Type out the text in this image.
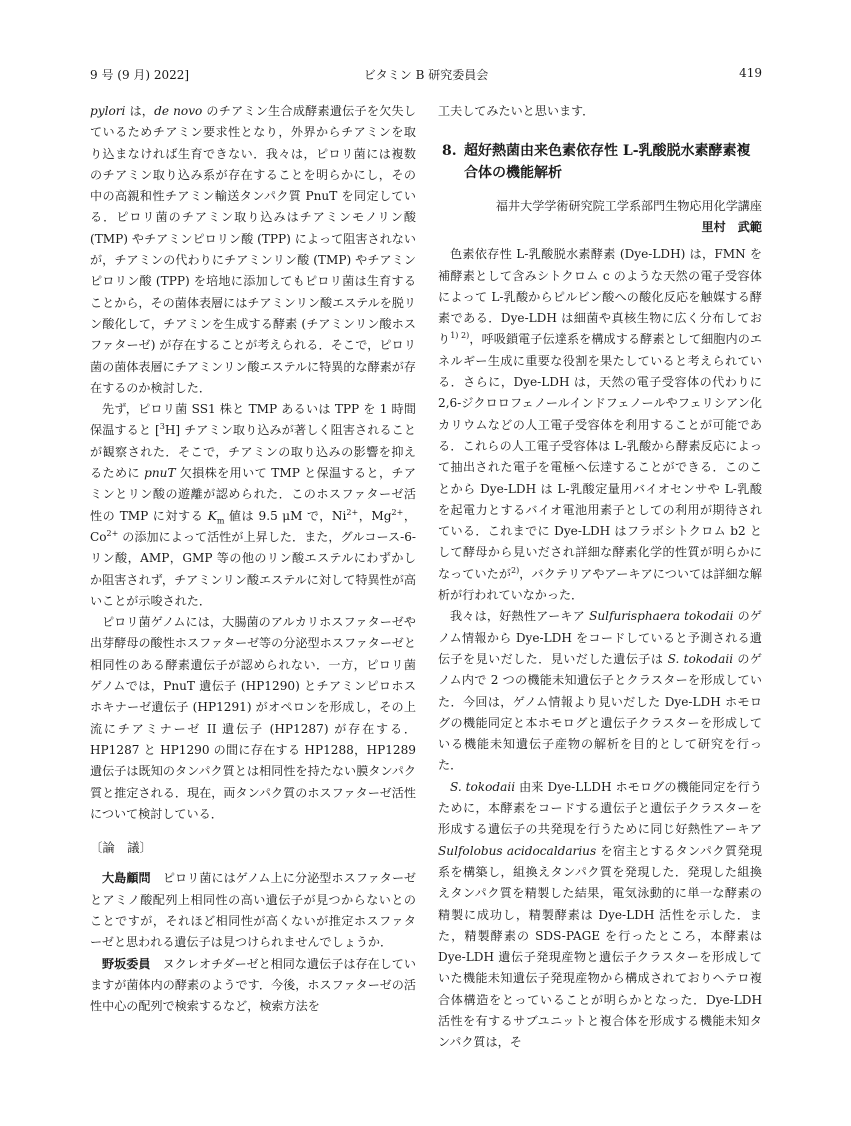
9 号 (9 月) 2022]	ビタミン B 研究委員会	419

pylori は，de novo のチアミン生合成酵素遺伝子を欠失しているためチアミン要求性となり，外界からチアミンを取り込まなければ生育できない．我々は，ピロリ菌には複数のチアミン取り込み系が存在することを明らかにし，その中の高親和性チアミン輸送タンパク質 PnuT を同定している．ピロリ菌のチアミン取り込みはチアミンモノリン酸 (TMP) やチアミンピロリン酸 (TPP) によって阻害されないが，チアミンの代わりにチアミンリン酸 (TMP) やチアミンピロリン酸 (TPP) を培地に添加してもピロリ菌は生育することから，その菌体表層にはチアミンリン酸エステルを脱リン酸化して，チアミンを生成する酵素 (チアミンリン酸ホスファターゼ) が存在することが考えられる．そこで，ピロリ菌の菌体表層にチアミンリン酸エステルに特異的な酵素が存在するのか検討した．

先ず，ピロリ菌 SS1 株と TMP あるいは TPP を 1 時間保温すると [$^3$H] チアミン取り込みが著しく阻害されることが観察された．そこで，チアミンの取り込みの影響を抑えるために pnuT 欠損株を用いて TMP と保温すると，チアミンとリン酸の遊離が認められた．このホスファターゼ活性の TMP に対する $K_m$ 値は 9.5 μM で，$Ni^{2+}$，$Mg^{2+}$，$Co^{2+}$ の添加によって活性が上昇した．また，グルコース-6-リン酸，AMP，GMP 等の他のリン酸エステルにわずかしか阻害されず，チアミンリン酸エステルに対して特異性が高いことが示唆された．

ピロリ菌ゲノムには，大腸菌のアルカリホスファターゼや出芽酵母の酸性ホスファターゼ等の分泌型ホスファターゼと相同性のある酵素遺伝子が認められない．一方，ピロリ菌ゲノムでは，PnuT 遺伝子 (HP1290) とチアミンピロホスホキナーゼ遺伝子 (HP1291) がオペロンを形成し，その上流にチアミナーゼ II 遺伝子 (HP1287) が存在する．HP1287 と HP1290 の間に存在する HP1288，HP1289 遺伝子は既知のタンパク質とは相同性を持たない膜タンパク質と推定される．現在，両タンパク質のホスファターゼ活性について検討している．

〔論　議〕

大島顧問　 ピロリ菌にはゲノム上に分泌型ホスファターゼとアミノ酸配列上相同性の高い遺伝子が見つからないとのことですが，それほど相同性が高くないが推定ホスファターゼと思われる遺伝子は見つけられませんでしょうか．

野坂委員　 ヌクレオチダーゼと相同な遺伝子は存在していますが菌体内の酵素のようです．今後，ホスファターゼの活性中心の配列で検索するなど，検索方法を

工夫してみたいと思います．

8. 超好熱菌由来色素依存性 L-乳酸脱水素酵素複合体の機能解析
福井大学学術研究院工学系部門生物応用化学講座
里村　武範

色素依存性 L-乳酸脱水素酵素 (Dye-LDH) は，FMN を補酵素として含みシトクロム c のような天然の電子受容体によって L-乳酸からピルビン酸への酸化反応を触媒する酵素である．Dye-LDH は細菌や真核生物に広く分布しており$^{1) 2)}$，呼吸鎖電子伝達系を構成する酵素として細胞内のエネルギー生成に重要な役割を果たしていると考えられている．さらに，Dye-LDH は，天然の電子受容体の代わりに 2,6-ジクロロフェノールインドフェノールやフェリシアン化カリウムなどの人工電子受容体を利用することが可能である．これらの人工電子受容体は L-乳酸から酵素反応によって抽出された電子を電極へ伝達することができる．このことから Dye-LDH は L-乳酸定量用バイオセンサや L-乳酸を起電力とするバイオ電池用素子としての利用が期待されている．これまでに Dye-LDH はフラボシトクロム b2 として酵母から見いだされ詳細な酵素化学的性質が明らかになっていたが$^{2)}$，バクテリアやアーキアについては詳細な解析が行われていなかった．

我々は，好熱性アーキア Sulfurisphaera tokodaii のゲノム情報から Dye-LDH をコードしていると予測される遺伝子を見いだした．見いだした遺伝子は S. tokodaii のゲノム内で 2 つの機能未知遺伝子とクラスターを形成していた．今回は，ゲノム情報より見いだした Dye-LDH ホモログの機能同定と本ホモログと遺伝子クラスターを形成している機能未知遺伝子産物の解析を目的として研究を行った．

S. tokodaii 由来 Dye-LLDH ホモログの機能同定を行うために，本酵素をコードする遺伝子と遺伝子クラスターを形成する遺伝子の共発現を行うために同じ好熱性アーキア Sulfolobus acidocaldarius を宿主とするタンパク質発現系を構築し，組換えタンパク質を発現した．発現した組換えタンパク質を精製した結果，電気泳動的に単一な酵素の精製に成功し，精製酵素は Dye-LDH 活性を示した．また，精製酵素の SDS-PAGE を行ったところ，本酵素は Dye-LDH 遺伝子発現産物と遺伝子クラスターを形成していた機能未知遺伝子発現産物から構成されておりヘテロ複合体構造をとっていることが明らかとなった．Dye-LDH 活性を有するサブユニットと複合体を形成する機能未知タンパク質は，そ
